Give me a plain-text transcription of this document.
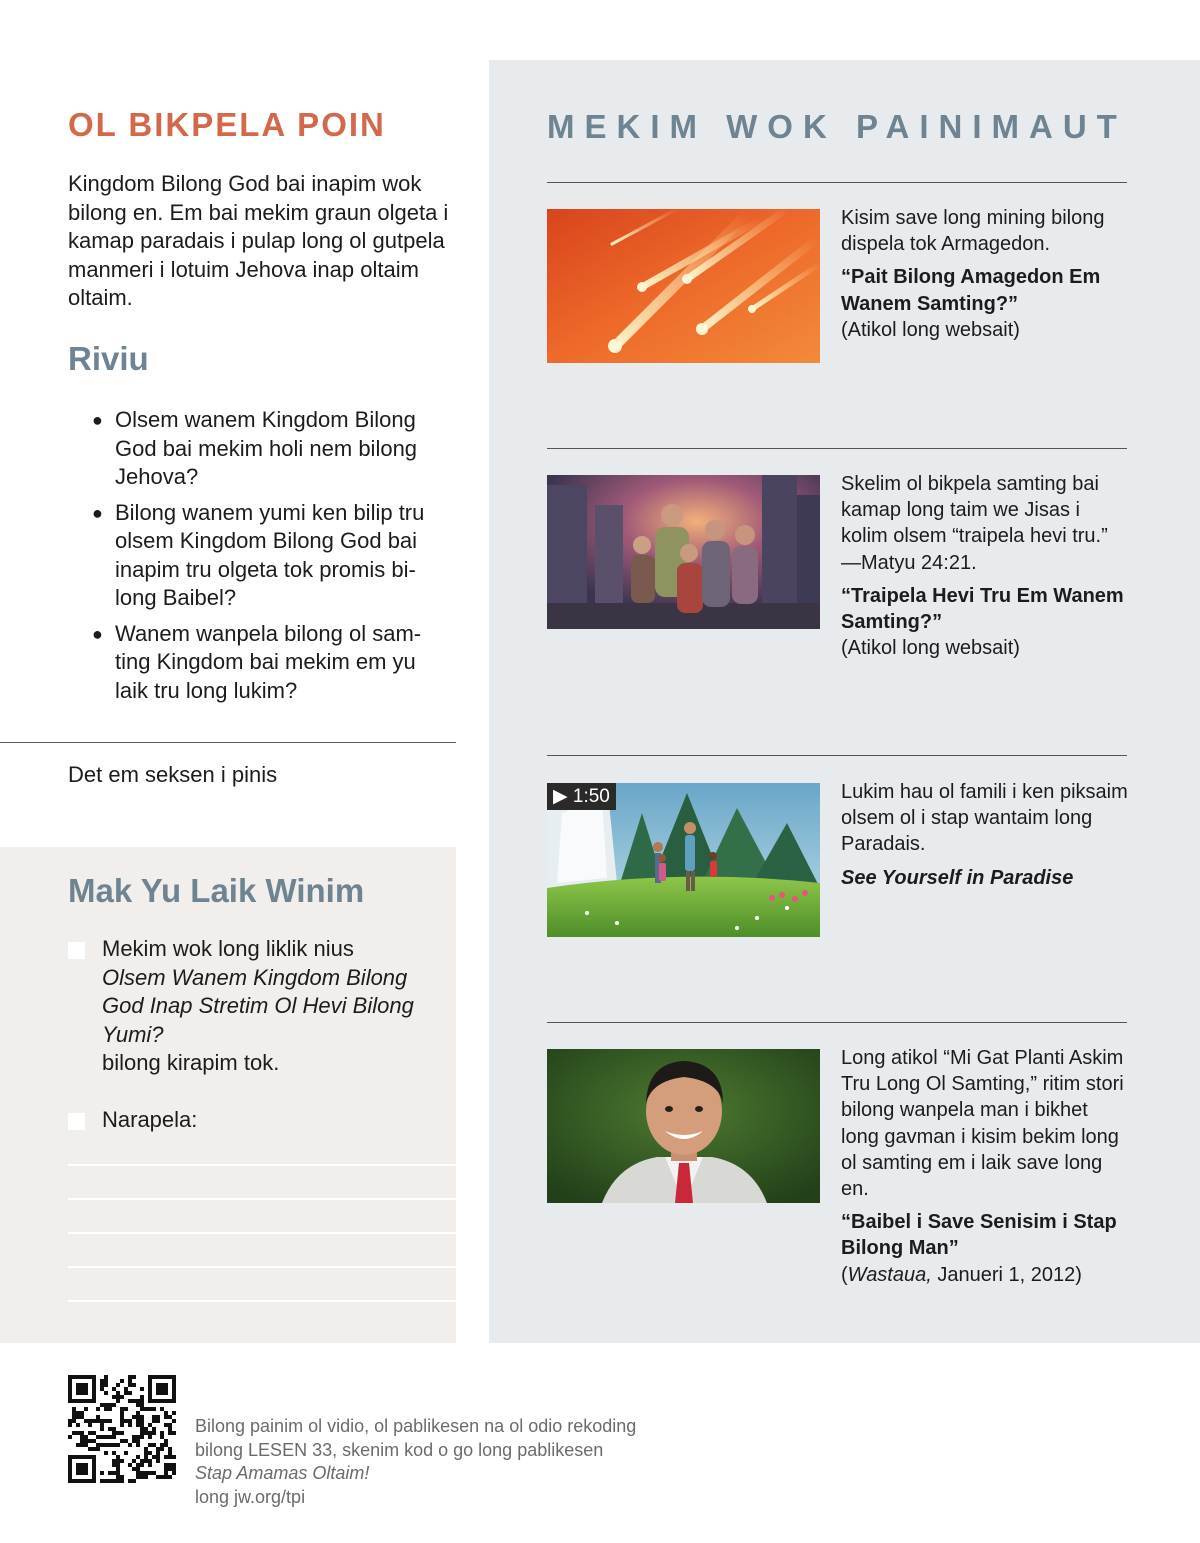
OL BIKPELA POIN

Kingdom Bilong God bai inapim wok bilong en. Em bai mekim graun olgeta i kamap paradais i pulap long ol gutpela manmeri i lotuim Jehova inap oltaim oltaim.

Riviu
● Olsem wanem Kingdom Bilong God bai mekim holi nem bilong Jehova?
● Bilong wanem yumi ken bilip tru olsem Kingdom Bilong God bai inapim tru olgeta tok promis bi-long Baibel?
● Wanem wanpela bilong ol sam-ting Kingdom bai mekim em yu laik tru long lukim?

Det em seksen i pinis

Mak Yu Laik Winim
Mekim wok long liklik nius
Olsem Wanem Kingdom Bilong God Inap Stretim Ol Hevi Bilong Yumi?
bilong kirapim tok.
Narapela:
MEKIM WOK PAINIMAUT
Kisim save long mining bilong dispela tok Armagedon.
“Pait Bilong Amagedon Em Wanem Samting?”
(Atikol long websait)
Skelim ol bikpela samting bai kamap long taim we Jisas i kolim olsem “traipela hevi tru.” —Matyu 24:21.
“Traipela Hevi Tru Em Wanem Samting?”
(Atikol long websait)
▶ 1:50	Lukim hau ol famili i ken piksaim olsem ol i stap wantaim long Paradais.
See Yourself in Paradise
Long atikol “Mi Gat Planti Askim Tru Long Ol Samting,” ritim stori bilong wanpela man i bikhet long gavman i kisim bekim long ol samting em i laik save long en.
“Baibel i Save Senisim i Stap Bilong Man”
(Wastaua, Janueri 1, 2012)
Bilong painim ol vidio, ol pablikesen na ol odio rekoding
bilong LESEN 33, skenim kod o go long pablikesen
Stap Amamas Oltaim!
long jw.org/tpi
